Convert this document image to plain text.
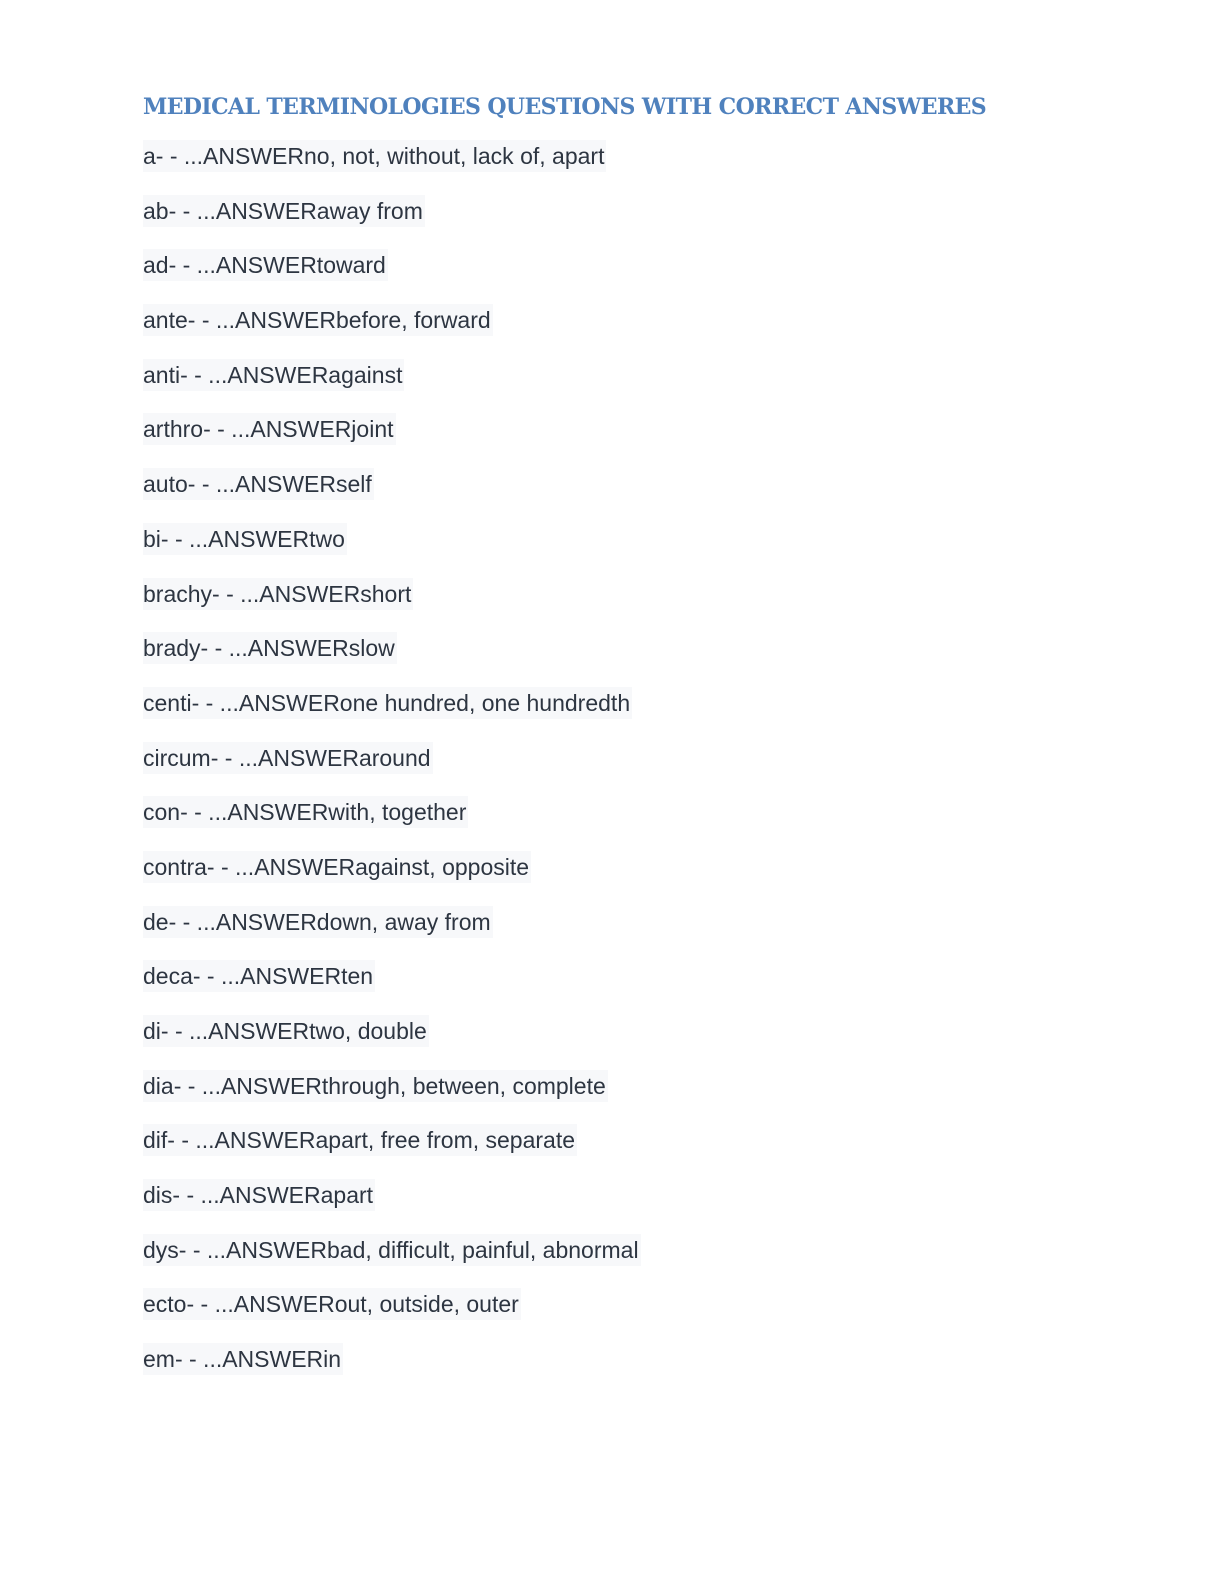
MEDICAL TERMINOLOGIES QUESTIONS WITH CORRECT ANSWERES
a- - ...ANSWERno, not, without, lack of, apart
ab- - ...ANSWERaway from
ad- - ...ANSWERtoward
ante- - ...ANSWERbefore, forward
anti- - ...ANSWERagainst
arthro- - ...ANSWERjoint
auto- - ...ANSWERself
bi- - ...ANSWERtwo
brachy- - ...ANSWERshort
brady- - ...ANSWERslow
centi- - ...ANSWERone hundred, one hundredth
circum- - ...ANSWERaround
con- - ...ANSWERwith, together
contra- - ...ANSWERagainst, opposite
de- - ...ANSWERdown, away from
deca- - ...ANSWERten
di- - ...ANSWERtwo, double
dia- - ...ANSWERthrough, between, complete
dif- - ...ANSWERapart, free from, separate
dis- - ...ANSWERapart
dys- - ...ANSWERbad, difficult, painful, abnormal
ecto- - ...ANSWERout, outside, outer
em- - ...ANSWERin
